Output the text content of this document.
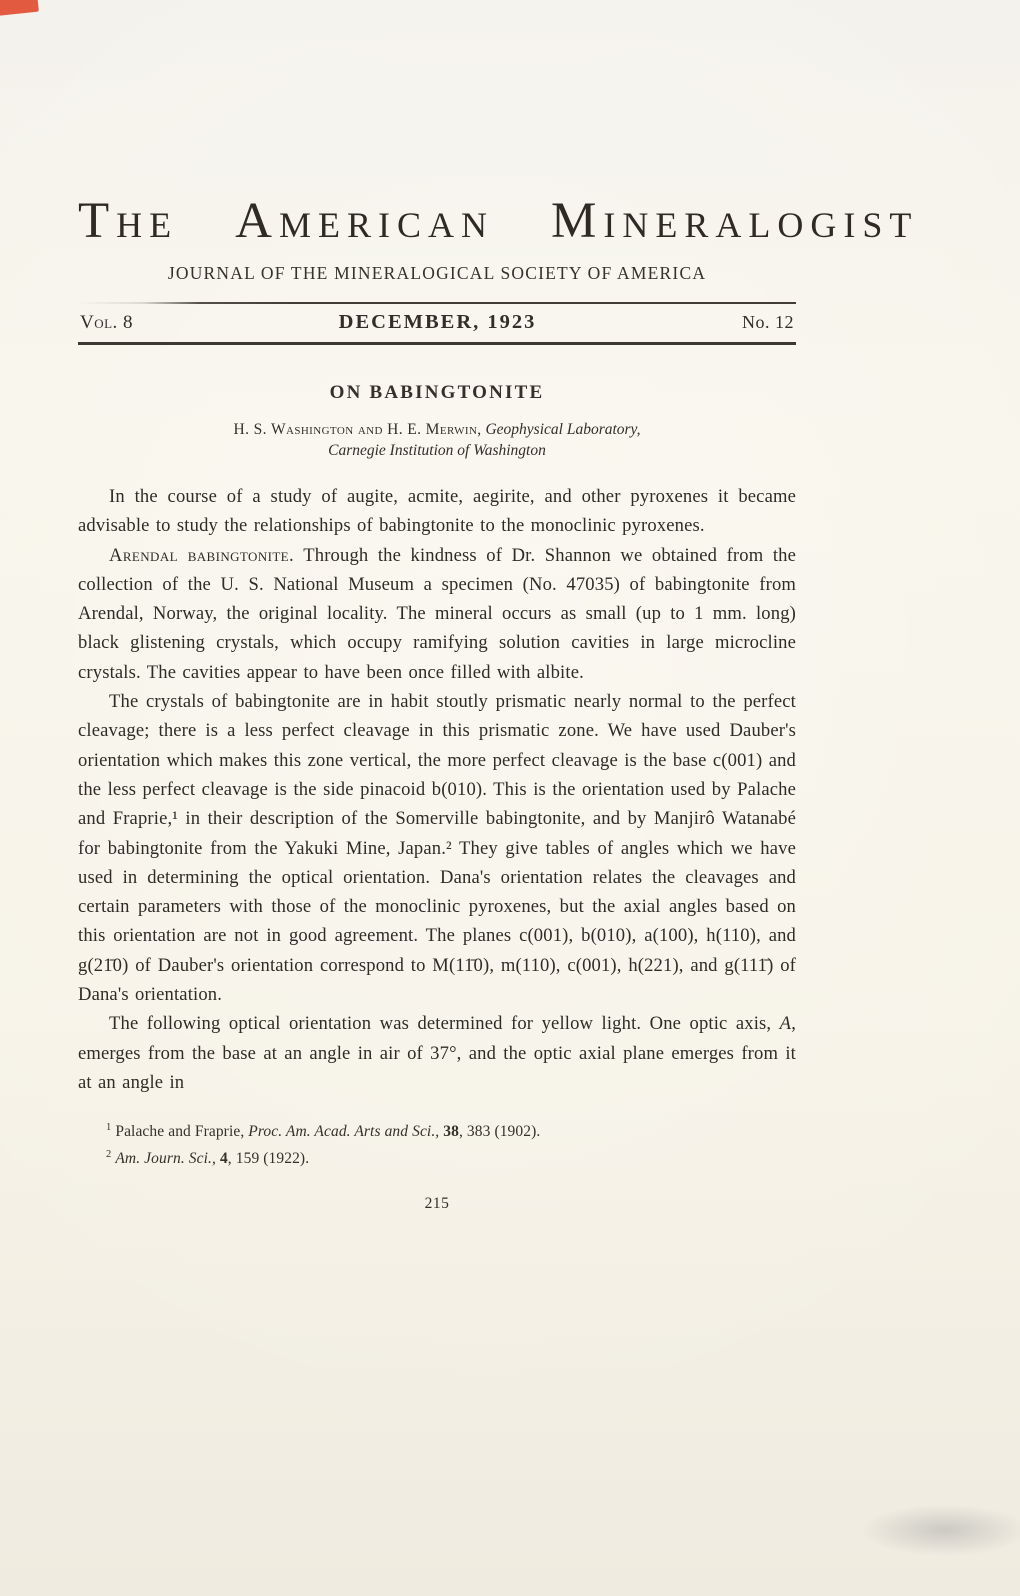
THE AMERICAN MINERALOGIST
JOURNAL OF THE MINERALOGICAL SOCIETY OF AMERICA
Vol. 8	DECEMBER, 1923	No. 12
ON BABINGTONITE
H. S. Washington and H. E. Merwin, Geophysical Laboratory,
Carnegie Institution of Washington

In the course of a study of augite, acmite, aegirite, and other pyroxenes it became advisable to study the relationships of babingtonite to the monoclinic pyroxenes.

Arendal babingtonite. Through the kindness of Dr. Shannon we obtained from the collection of the U. S. National Museum a specimen (No. 47035) of babingtonite from Arendal, Norway, the original locality. The mineral occurs as small (up to 1 mm. long) black glistening crystals, which occupy ramifying solution cavities in large microcline crystals. The cavities appear to have been once filled with albite.

The crystals of babingtonite are in habit stoutly prismatic nearly normal to the perfect cleavage; there is a less perfect cleavage in this prismatic zone. We have used Dauber's orientation which makes this zone vertical, the more perfect cleavage is the base c(001) and the less perfect cleavage is the side pinacoid b(010). This is the orientation used by Palache and Fraprie,¹ in their description of the Somerville babingtonite, and by Manjirô Watanabé for babingtonite from the Yakuki Mine, Japan.² They give tables of angles which we have used in determining the optical orientation. Dana's orientation relates the cleavages and certain parameters with those of the monoclinic pyroxenes, but the axial angles based on this orientation are not in good agreement. The planes c(001), b(010), a(100), h(110), and g(21̄0) of Dauber's orientation correspond to M(11̄0), m(110), c(001), h(221), and g(111̄) of Dana's orientation.

The following optical orientation was determined for yellow light. One optic axis, A, emerges from the base at an angle in air of 37°, and the optic axial plane emerges from it at an angle in

$^1$ Palache and Fraprie, Proc. Am. Acad. Arts and Sci., 38, 383 (1902).

$^2$ Am. Journ. Sci., 4, 159 (1922).

215
